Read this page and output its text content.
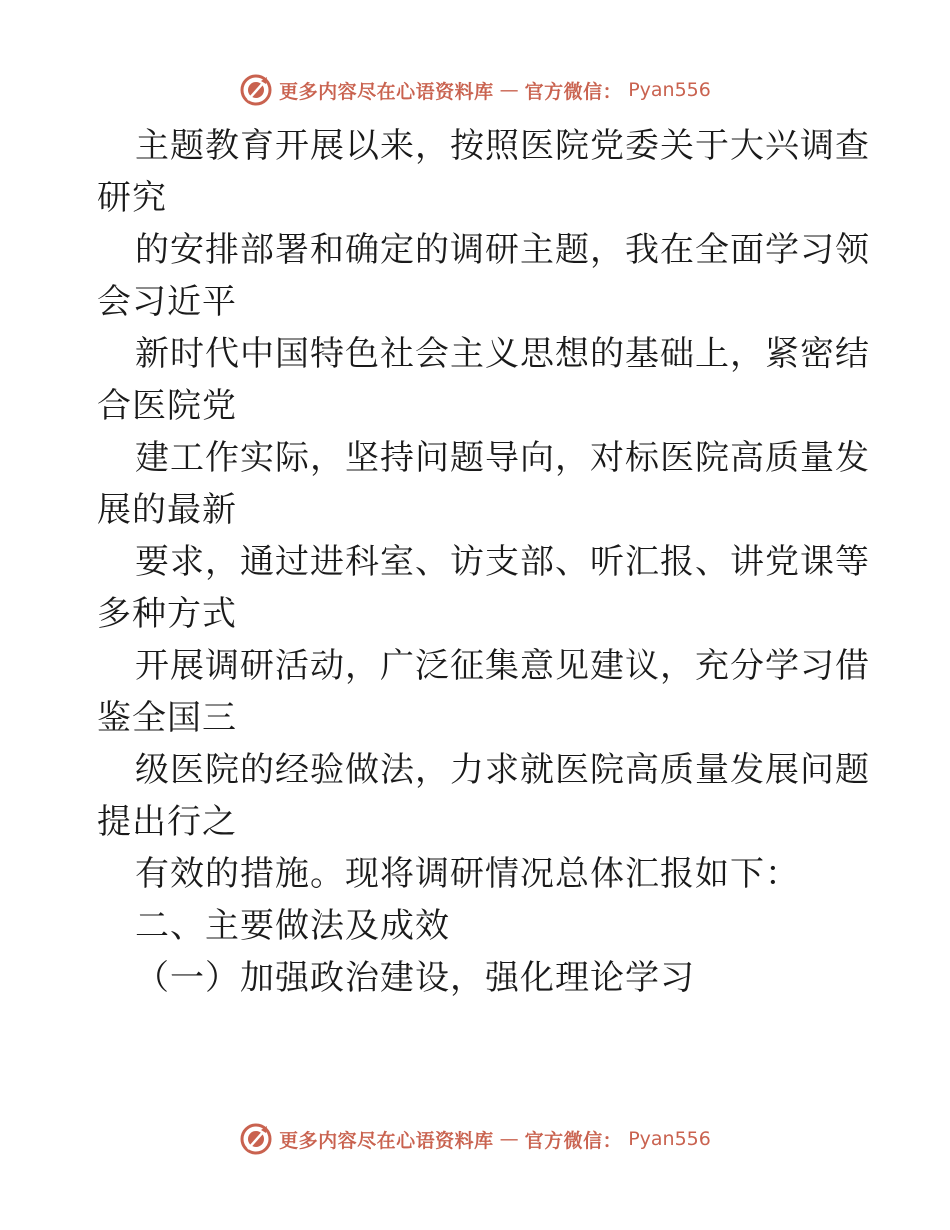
更多内容尽在心语资料库 — 官方微信： Pyan556
主题教育开展以来，按照医院党委关于大兴调查
研究
的安排部署和确定的调研主题，我在全面学习领
会习近平
新时代中国特色社会主义思想的基础上，紧密结
合医院党
建工作实际，坚持问题导向，对标医院高质量发
展的最新
要求，通过进科室、访支部、听汇报、讲党课等
多种方式
开展调研活动，广泛征集意见建议，充分学习借
鉴全国三
级医院的经验做法，力求就医院高质量发展问题
提出行之
有效的措施。现将调研情况总体汇报如下：
二、主要做法及成效
（一）加强政治建设，强化理论学习
更多内容尽在心语资料库 — 官方微信： Pyan556
